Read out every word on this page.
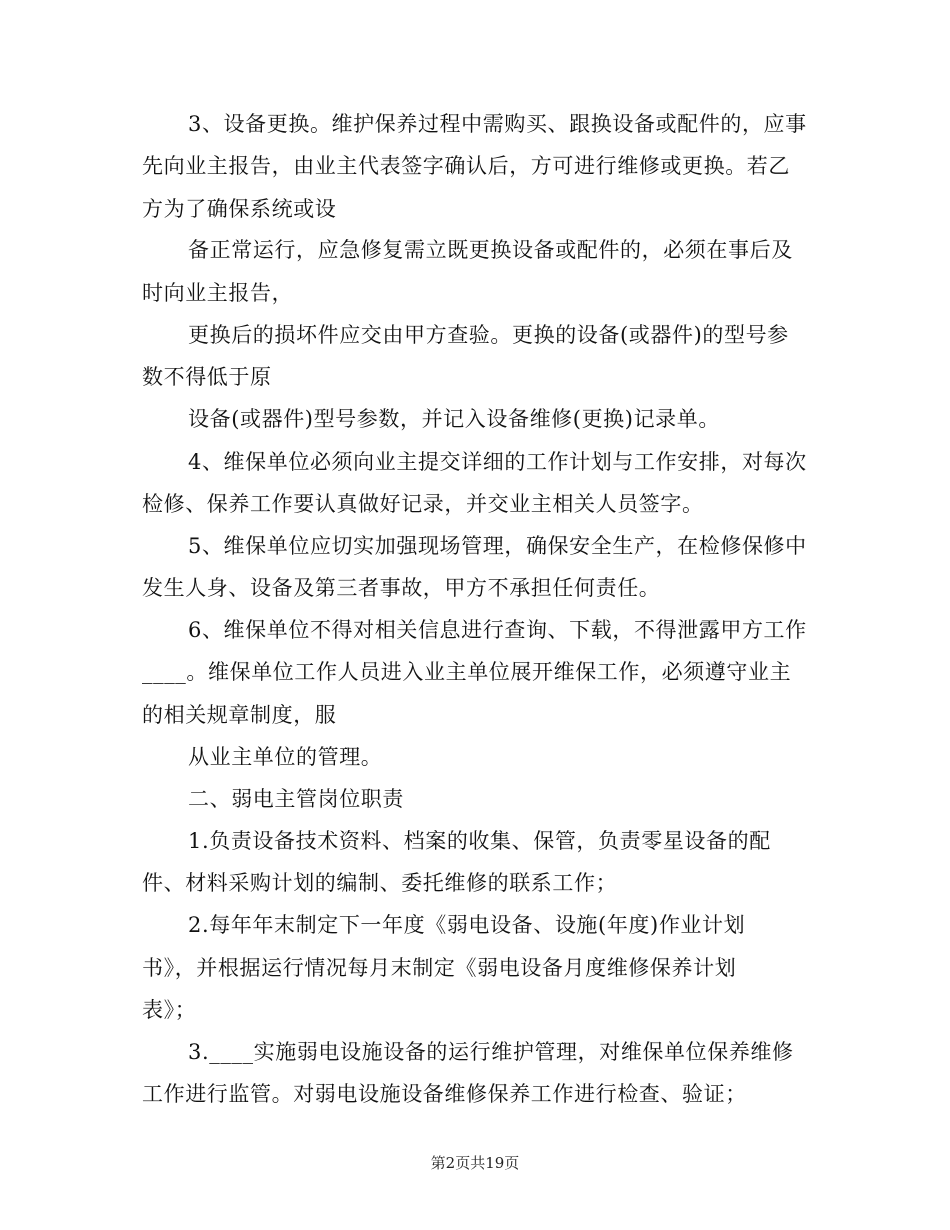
3、设备更换。维护保养过程中需购买、跟换设备或配件的，应事
先向业主报告，由业主代表签字确认后，方可进行维修或更换。若乙
方为了确保系统或设
备正常运行，应急修复需立既更换设备或配件的，必须在事后及
时向业主报告，
更换后的损坏件应交由甲方查验。更换的设备(或器件)的型号参
数不得低于原
设备(或器件)型号参数，并记入设备维修(更换)记录单。
4、维保单位必须向业主提交详细的工作计划与工作安排，对每次
检修、保养工作要认真做好记录，并交业主相关人员签字。
5、维保单位应切实加强现场管理，确保安全生产，在检修保修中
发生人身、设备及第三者事故，甲方不承担任何责任。
6、维保单位不得对相关信息进行查询、下载，不得泄露甲方工作
____。维保单位工作人员进入业主单位展开维保工作，必须遵守业主
的相关规章制度，服
从业主单位的管理。
二、弱电主管岗位职责
1.负责设备技术资料、档案的收集、保管，负责零星设备的配
件、材料采购计划的编制、委托维修的联系工作；
2.每年年末制定下一年度《弱电设备、设施(年度)作业计划
书》，并根据运行情况每月末制定《弱电设备月度维修保养计划
表》；
3.____实施弱电设施设备的运行维护管理，对维保单位保养维修
工作进行监管。对弱电设施设备维修保养工作进行检查、验证；
第2页共19页
